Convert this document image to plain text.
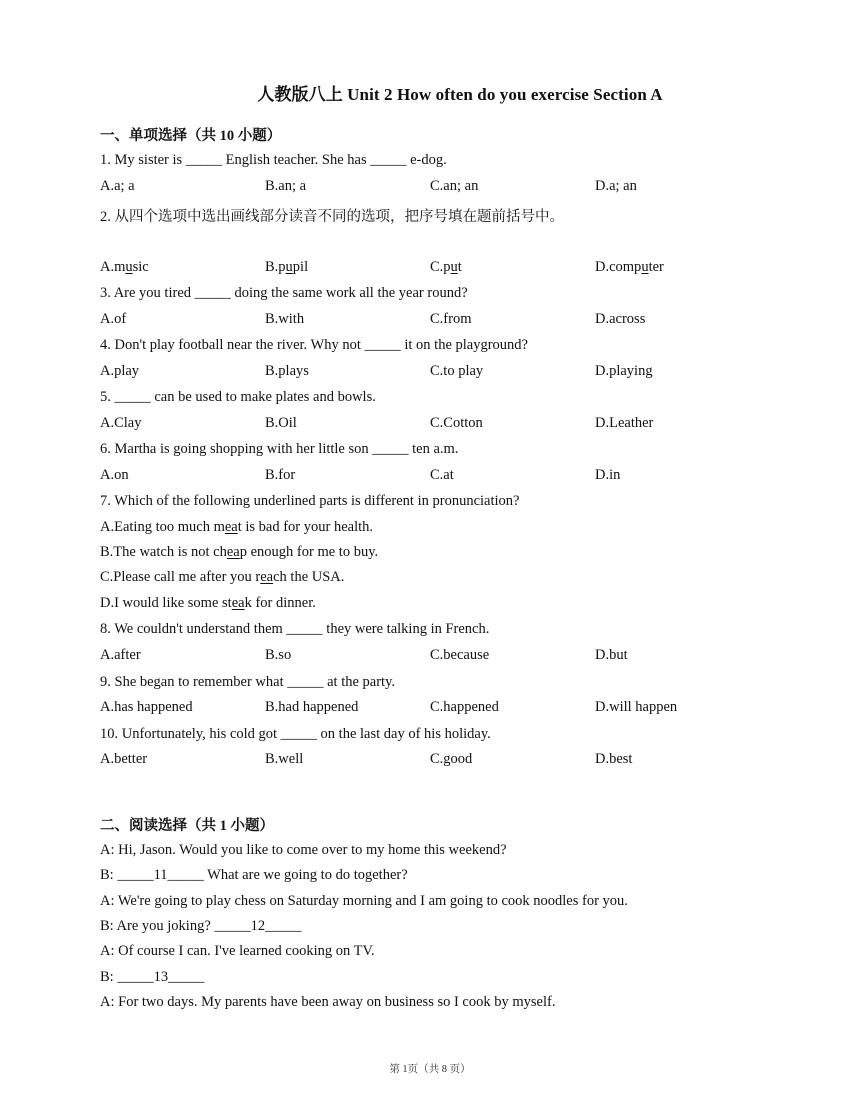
人教版八上 Unit 2 How often do you exercise Section A
一、单项选择（共 10 小题）
1. My sister is _____ English teacher. She has _____ e-dog.
A.a; a	B.an; a	C.an; an	D.a; an
2. 从四个选项中选出画线部分读音不同的选项，把序号填在题前括号中。
A.music	B.pupil	C.put	D.computer
3. Are you tired _____ doing the same work all the year round?
A.of	B.with	C.from	D.across
4. Don't play football near the river. Why not _____ it on the playground?
A.play	B.plays	C.to play	D.playing
5. _____ can be used to make plates and bowls.
A.Clay	B.Oil	C.Cotton	D.Leather
6. Martha is going shopping with her little son _____ ten a.m.
A.on	B.for	C.at	D.in
7. Which of the following underlined parts is different in pronunciation?
A.Eating too much meat is bad for your health.
B.The watch is not cheap enough for me to buy.
C.Please call me after you reach the USA.
D.I would like some steak for dinner.
8. We couldn't understand them _____ they were talking in French.
A.after	B.so	C.because	D.but
9. She began to remember what _____ at the party.
A.has happened	B.had happened	C.happened	D.will happen
10. Unfortunately, his cold got _____ on the last day of his holiday.
A.better	B.well	C.good	D.best
二、阅读选择（共 1 小题）
A: Hi, Jason. Would you like to come over to my home this weekend?
B: _____11_____ What are we going to do together?
A: We're going to play chess on Saturday morning and I am going to cook noodles for you.
B: Are you joking? _____12_____
A: Of course I can. I've learned cooking on TV.
B: _____13_____
A: For two days. My parents have been away on business so I cook by myself.
第 1页（共 8 页）
